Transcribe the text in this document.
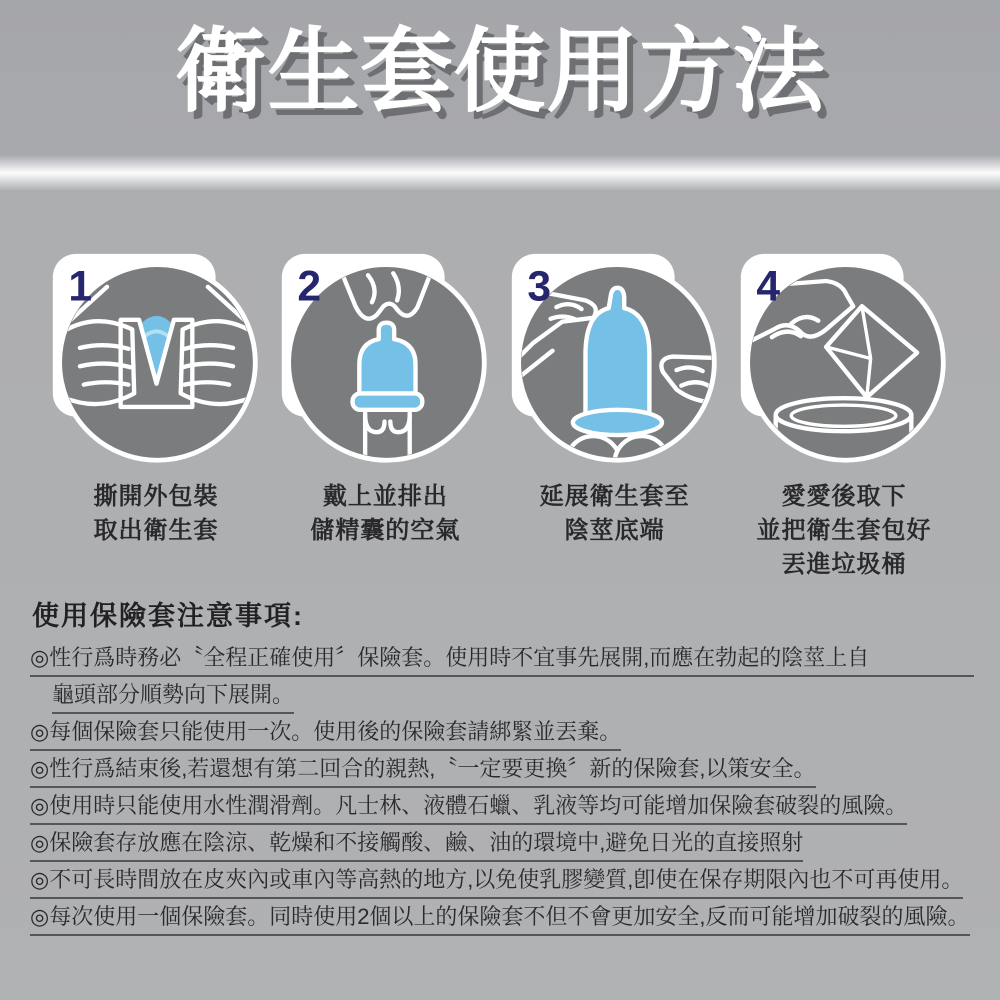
衛生套使用方法
1
撕開外包裝
取出衛生套
2
戴上並排出
儲精囊的空氣
3
延展衛生套至
陰莖底端
4
愛愛後取下
並把衛生套包好
丟進垃圾桶
使用保險套注意事項:
◎性行爲時務必〝全程正確使用〞保險套。使用時不宜事先展開,而應在勃起的陰莖上自
龜頭部分順勢向下展開。
◎每個保險套只能使用一次。使用後的保險套請綁緊並丟棄。
◎性行爲結束後,若還想有第二回合的親熱,〝一定要更換〞新的保險套,以策安全。
◎使用時只能使用水性潤滑劑。凡士林、液體石蠟、乳液等均可能增加保險套破裂的風險。
◎保險套存放應在陰涼、乾燥和不接觸酸、鹼、油的環境中,避免日光的直接照射
◎不可長時間放在皮夾內或車內等高熱的地方,以免使乳膠變質,卽使在保存期限內也不可再使用。
◎每次使用一個保險套。同時使用2個以上的保險套不但不會更加安全,反而可能增加破裂的風險。
